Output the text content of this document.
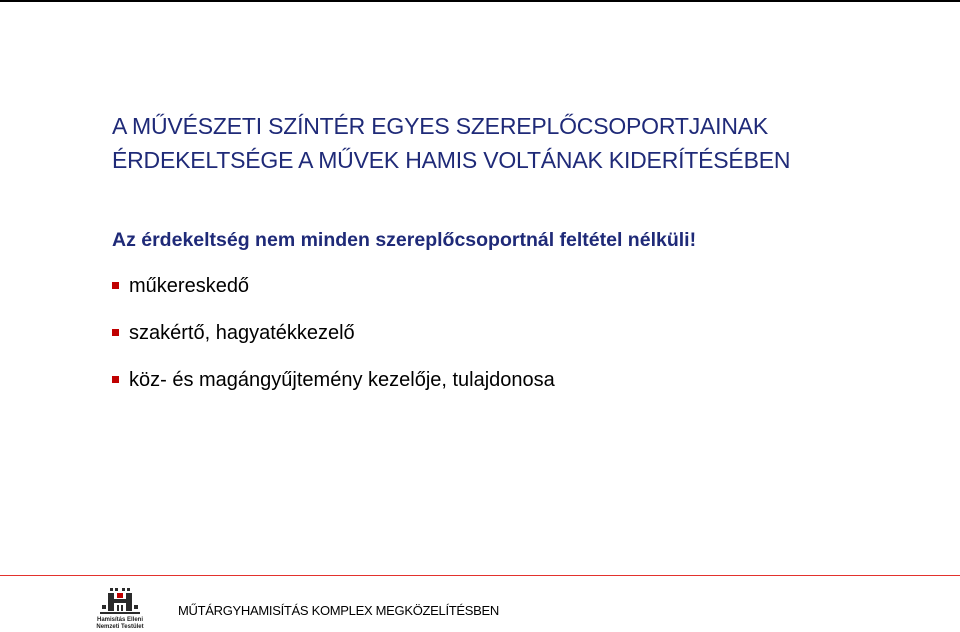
A MŰVÉSZETI SZÍNTÉR EGYES SZEREPLŐCSOPORTJAINAK
ÉRDEKELTSÉGE A MŰVEK HAMIS VOLTÁNAK KIDERÍTÉSÉBEN
Az érdekeltség nem minden szereplőcsoportnál feltétel nélküli!
műkereskedő
szakértő, hagyatékkezelő
köz- és magángyűjtemény kezelője, tulajdonosa
Hamisítás Elleni
Nemzeti Testület
MŰTÁRGYHAMISÍTÁS KOMPLEX MEGKÖZELÍTÉSBEN
